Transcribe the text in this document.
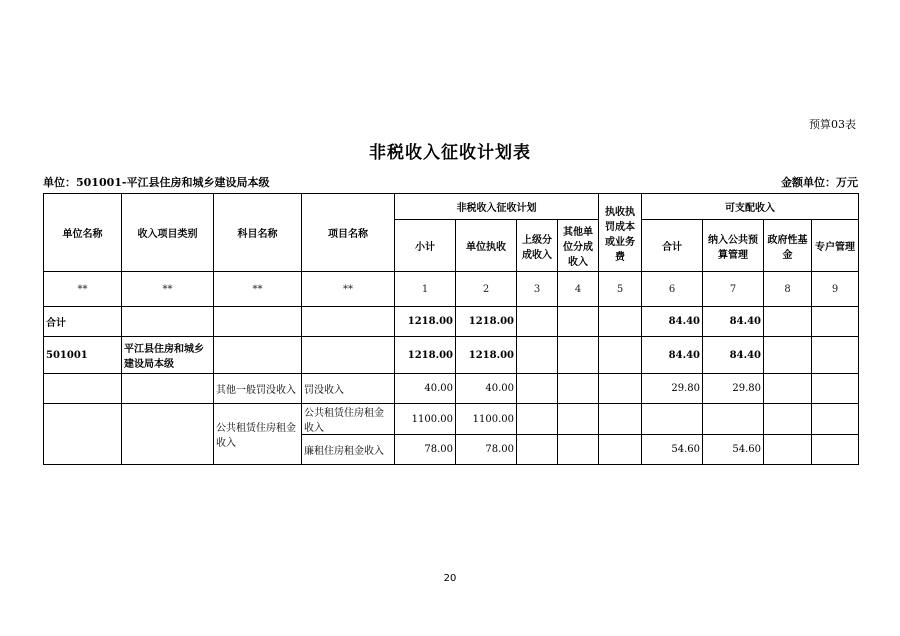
预算03表
非税收入征收计划表
单位：501001-平江县住房和城乡建设局本级	金额单位：万元
单位名称	收入项目类别	科目名称	项目名称	非税收入征收计划				执收执罚成本或业务费	可支配收入			
				小计	单位执收	上级分成收入	其他单位分成收入		合计	纳入公共预算管理	政府性基金	专户管理
**	**	**	**	1	2	3	4	5	6	7	8	9
合计				1218.00	1218.00				84.40	84.40		
501001	平江县住房和城乡建设局本级			1218.00	1218.00				84.40	84.40		
		其他一般罚没收入	罚没收入	40.00	40.00				29.80	29.80		
		公共租赁住房租金收入	公共租赁住房租金收入	1100.00	1100.00							
			廉租住房租金收入	78.00	78.00				54.60	54.60		
20
